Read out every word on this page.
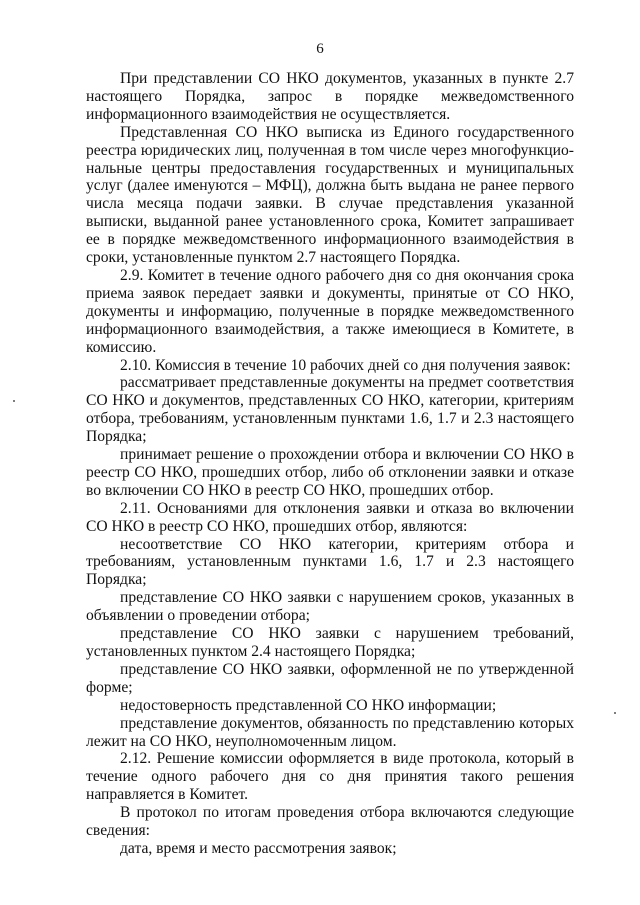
6

При представлении СО НКО документов, указанных в пункте 2.7 настоящего Порядка, запрос в порядке межведомственного информационного взаимодействия не осуществляется.

Представленная СО НКО выписка из Единого государственного реестра юридических лиц, полученная в том числе через многофункциональные центры предоставления государственных и муниципальных услуг (далее именуются – МФЦ), должна быть выдана не ранее первого числа месяца подачи заявки. В случае представления указанной выписки, выданной ранее установленного срока, Комитет запрашивает ее в порядке межведомственного информационного взаимодействия в сроки, установленные пунктом 2.7 настоящего Порядка.

2.9. Комитет в течение одного рабочего дня со дня окончания срока приема заявок передает заявки и документы, принятые от СО НКО, документы и информацию, полученные в порядке межведомственного информационного взаимодействия, а также имеющиеся в Комитете, в комиссию.

2.10. Комиссия в течение 10 рабочих дней со дня получения заявок:

рассматривает представленные документы на предмет соответствия СО НКО и документов, представленных СО НКО, категории, критериям отбора, требованиям, установленным пунктами 1.6, 1.7 и 2.3 настоящего Порядка;

принимает решение о прохождении отбора и включении СО НКО в реестр СО НКО, прошедших отбор, либо об отклонении заявки и отказе во включении СО НКО в реестр СО НКО, прошедших отбор.

2.11. Основаниями для отклонения заявки и отказа во включении СО НКО в реестр СО НКО, прошедших отбор, являются:

несоответствие СО НКО категории, критериям отбора и требованиям, установленным пунктами 1.6, 1.7 и 2.3 настоящего Порядка;

представление СО НКО заявки с нарушением сроков, указанных в объявлении о проведении отбора;

представление СО НКО заявки с нарушением требований, установленных пунктом 2.4 настоящего Порядка;

представление СО НКО заявки, оформленной не по утвержденной форме;

недостоверность представленной СО НКО информации;

представление документов, обязанность по представлению которых лежит на СО НКО, неуполномоченным лицом.

2.12. Решение комиссии оформляется в виде протокола, который в течение одного рабочего дня со дня принятия такого решения направляется в Комитет.

В протокол по итогам проведения отбора включаются следующие сведения:

дата, время и место рассмотрения заявок;
